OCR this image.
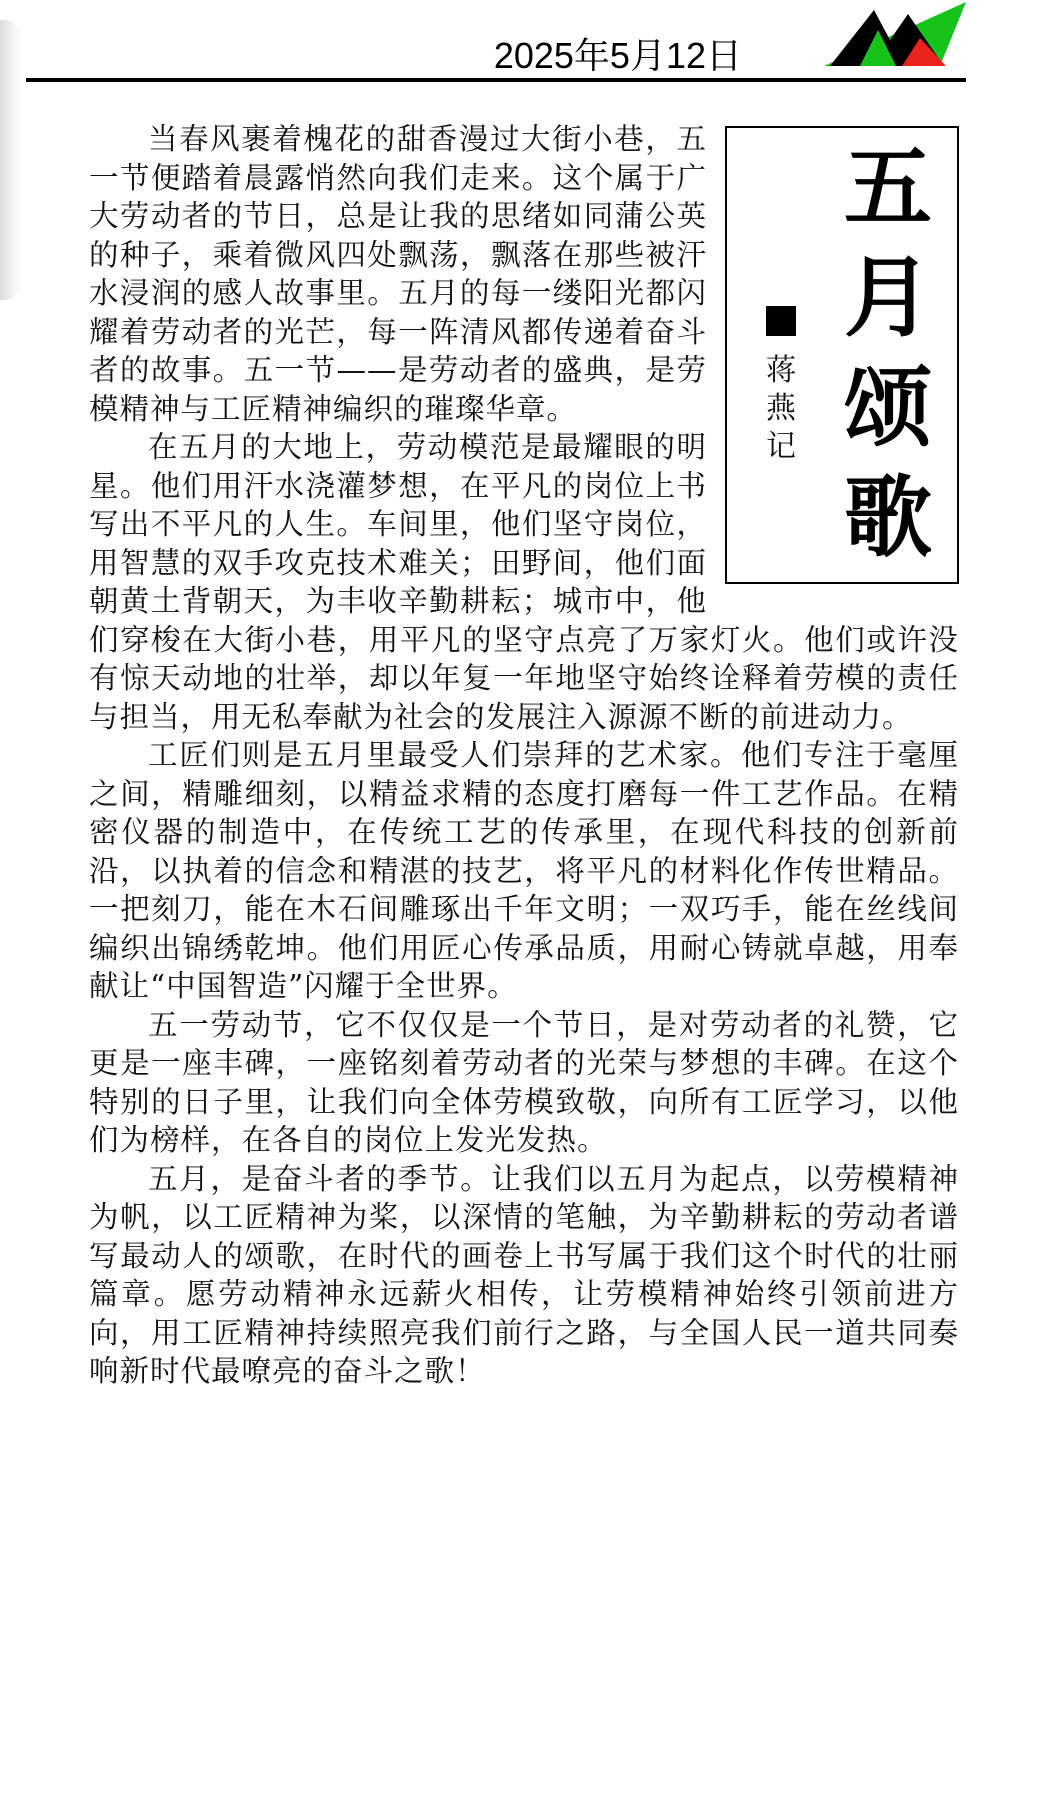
2025年5月12日
五
月
颂
歌
蒋
燕
记

当春风裹着槐花的甜香漫过大街小巷，五一节便踏着晨露悄然向我们走来。这个属于广大劳动者的节日，总是让我的思绪如同蒲公英的种子，乘着微风四处飘荡，飘落在那些被汗水浸润的感人故事里。五月的每一缕阳光都闪耀着劳动者的光芒，每一阵清风都传递着奋斗者的故事。五一节——是劳动者的盛典，是劳模精神与工匠精神编织的璀璨华章。

在五月的大地上，劳动模范是最耀眼的明星。他们用汗水浇灌梦想，在平凡的岗位上书写出不平凡的人生。车间里，他们坚守岗位，用智慧的双手攻克技术难关；田野间，他们面朝黄土背朝天，为丰收辛勤耕耘；城市中，他们穿梭在大街小巷，用平凡的坚守点亮了万家灯火。他们或许没有惊天动地的壮举，却以年复一年地坚守始终诠释着劳模的责任与担当，用无私奉献为社会的发展注入源源不断的前进动力。

工匠们则是五月里最受人们崇拜的艺术家。他们专注于毫厘之间，精雕细刻，以精益求精的态度打磨每一件工艺作品。在精密仪器的制造中，在传统工艺的传承里，在现代科技的创新前沿，以执着的信念和精湛的技艺，将平凡的材料化作传世精品。一把刻刀，能在木石间雕琢出千年文明；一双巧手，能在丝线间编织出锦绣乾坤。他们用匠心传承品质，用耐心铸就卓越，用奉献让“中国智造”闪耀于全世界。

五一劳动节，它不仅仅是一个节日，是对劳动者的礼赞，它更是一座丰碑，一座铭刻着劳动者的光荣与梦想的丰碑。在这个特别的日子里，让我们向全体劳模致敬，向所有工匠学习，以他们为榜样，在各自的岗位上发光发热。

五月，是奋斗者的季节。让我们以五月为起点，以劳模精神为帆，以工匠精神为桨，以深情的笔触，为辛勤耕耘的劳动者谱写最动人的颂歌，在时代的画卷上书写属于我们这个时代的壮丽篇章。愿劳动精神永远薪火相传，让劳模精神始终引领前进方向，用工匠精神持续照亮我们前行之路，与全国人民一道共同奏响新时代最嘹亮的奋斗之歌！
